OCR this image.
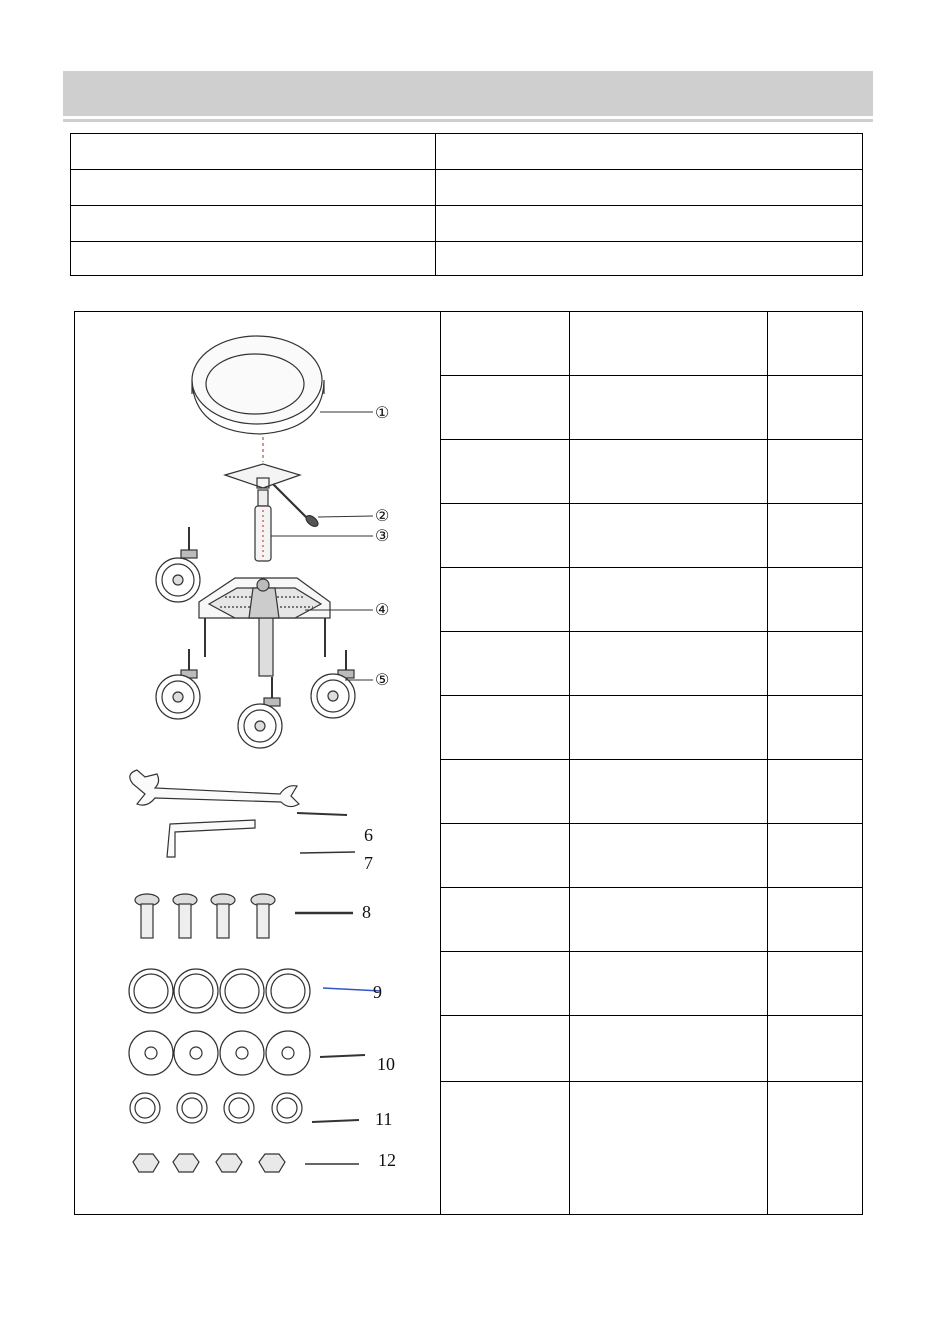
①
②
③
④
⑤
6
7
8
9
10
11
12
